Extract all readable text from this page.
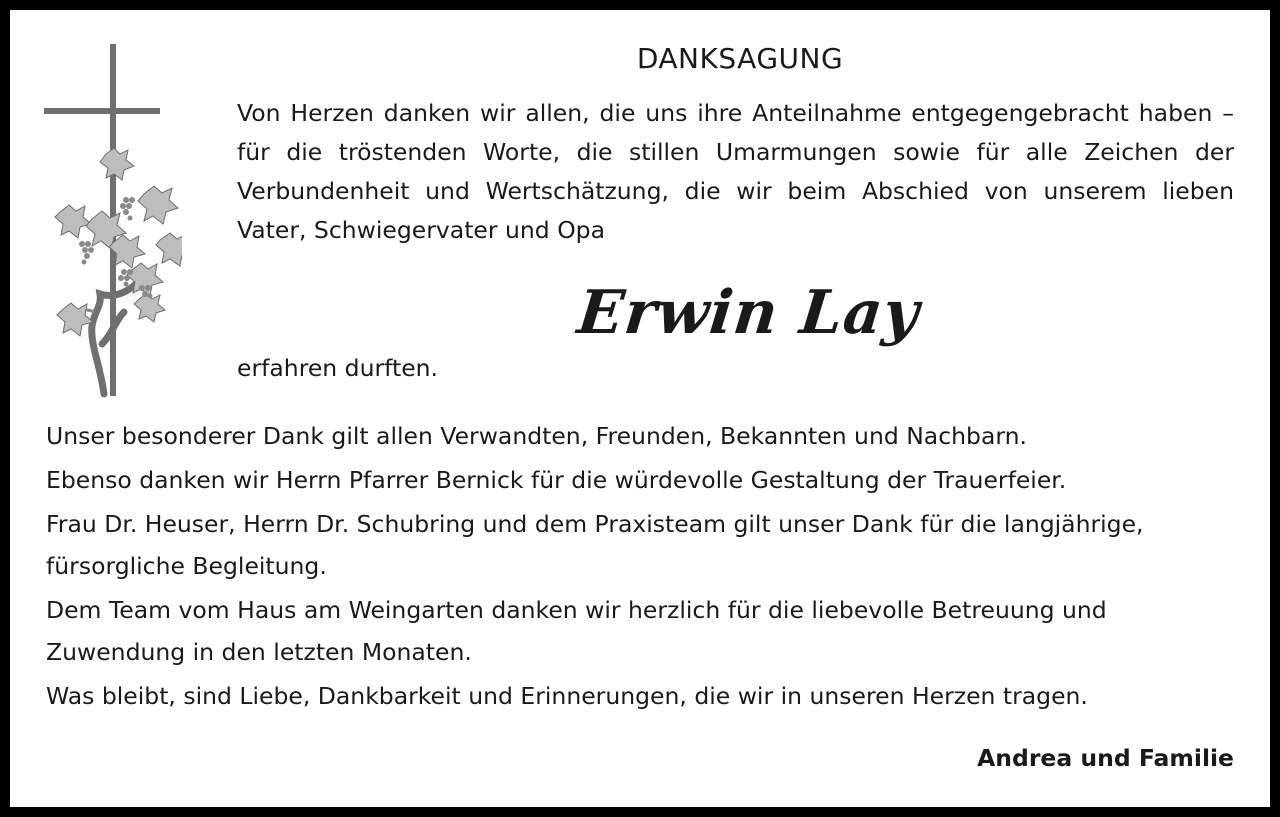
DANKSAGUNG

Von Herzen danken wir allen, die uns ihre Anteilnahme entgegengebracht haben – für die tröstenden Worte, die stillen Umarmungen sowie für alle Zeichen der Verbundenheit und Wertschätzung, die wir beim Abschied von unserem lieben Vater, Schwiegervater und Opa

Erwin Lay

erfahren durften.

Unser besonderer Dank gilt allen Verwandten, Freunden, Bekannten und Nachbarn.

Ebenso danken wir Herrn Pfarrer Bernick für die würdevolle Gestaltung der Trauerfeier.

Frau Dr. Heuser, Herrn Dr. Schubring und dem Praxisteam gilt unser Dank für die langjährige, fürsorgliche Begleitung.

Dem Team vom Haus am Weingarten danken wir herzlich für die liebevolle Betreuung und Zuwendung in den letzten Monaten.

Was bleibt, sind Liebe, Dankbarkeit und Erinnerungen, die wir in unseren Herzen tragen.

Andrea und Familie
